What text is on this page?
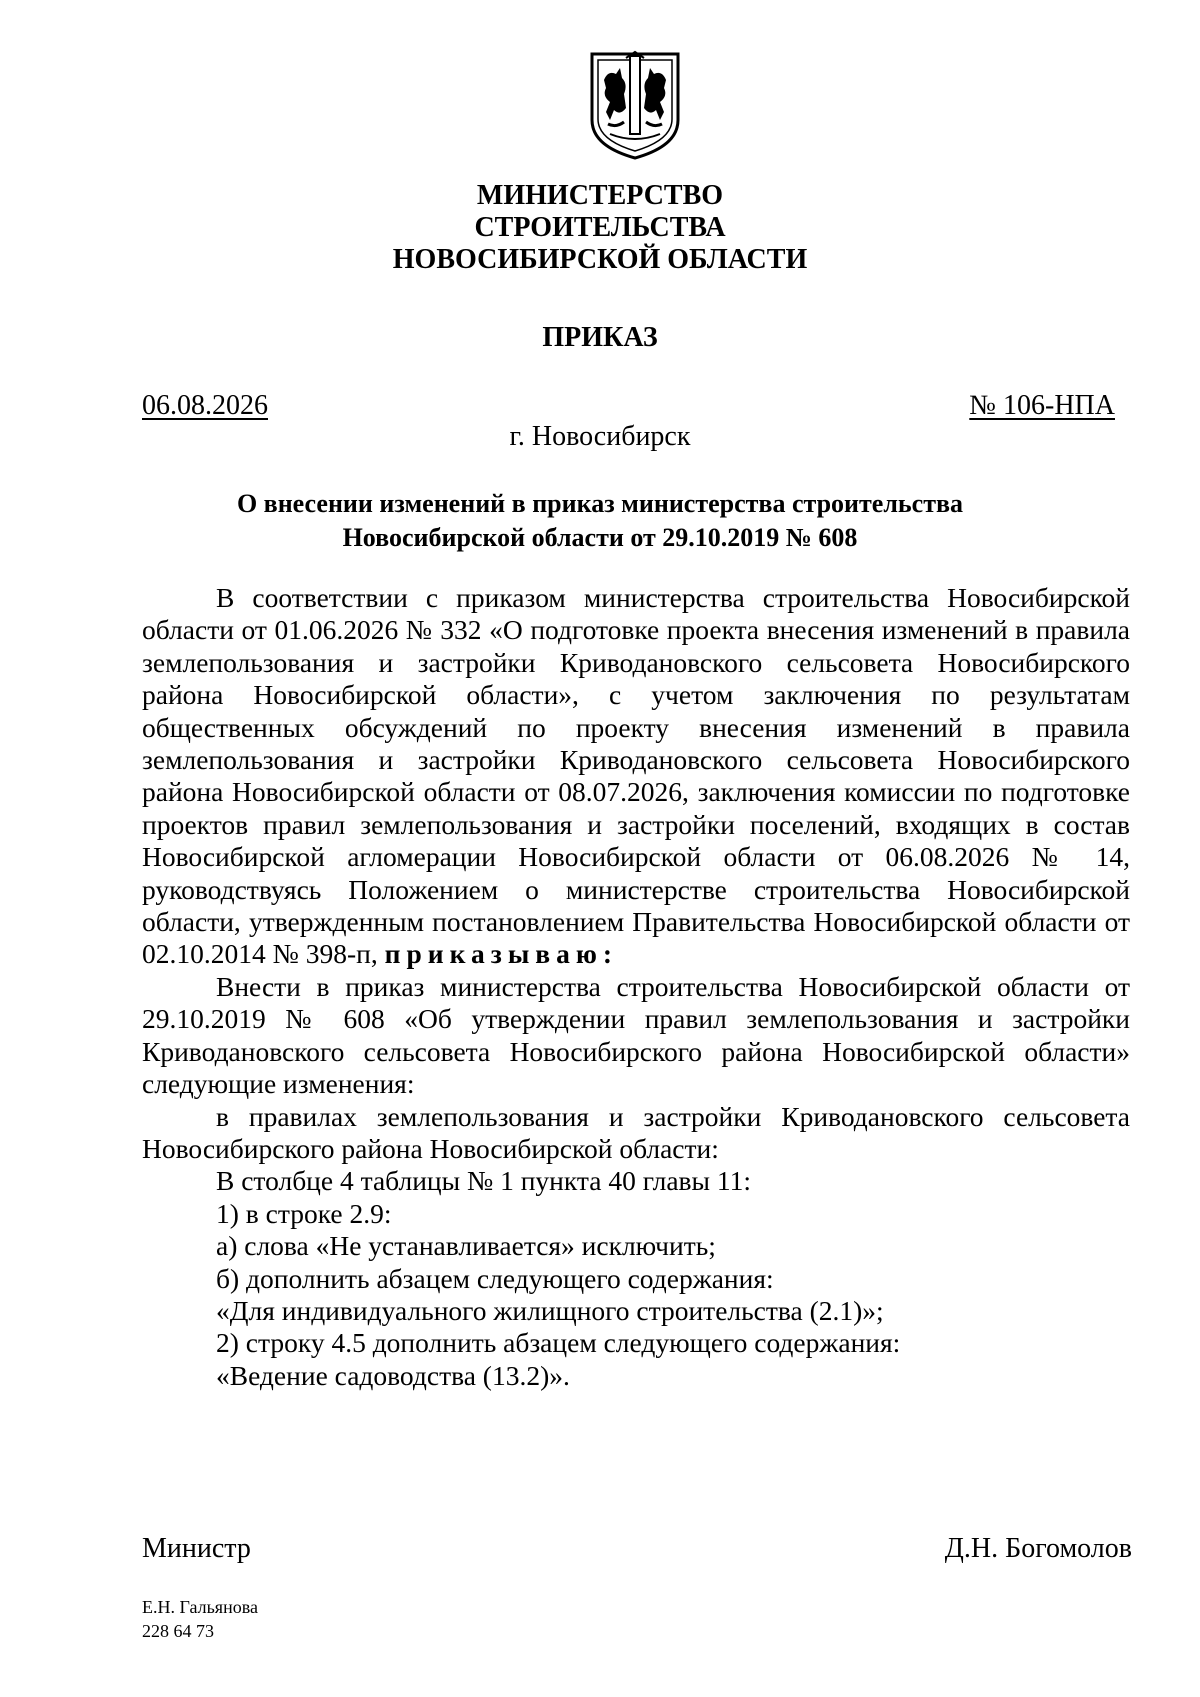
МИНИСТЕРСТВО
СТРОИТЕЛЬСТВА
НОВОСИБИРСКОЙ ОБЛАСТИ
ПРИКАЗ
06.08.2026	№ 106-НПА
г. Новосибирск
О внесении изменений в приказ министерства строительства
Новосибирской области от 29.10.2019 № 608

В соответствии с приказом министерства строительства Новосибирской области от 01.06.2026 № 332 «О подготовке проекта внесения изменений в правила землепользования и застройки Криводановского сельсовета Новосибирского района Новосибирской области», с учетом заключения по результатам общественных обсуждений по проекту внесения изменений в правила землепользования и застройки Криводановского сельсовета Новосибирского района Новосибирской области от 08.07.2026, заключения комиссии по подготовке проектов правил землепользования и застройки поселений, входящих в состав Новосибирской агломерации Новосибирской области от 06.08.2026 № 14, руководствуясь Положением о министерстве строительства Новосибирской области, утвержденным постановлением Правительства Новосибирской области от 02.10.2014 № 398-п, приказываю:

Внести в приказ министерства строительства Новосибирской области от 29.10.2019 № 608 «Об утверждении правил землепользования и застройки Криводановского сельсовета Новосибирского района Новосибирской области» следующие изменения:

в правилах землепользования и застройки Криводановского сельсовета Новосибирского района Новосибирской области:

В столбце 4 таблицы № 1 пункта 40 главы 11:

1) в строке 2.9:

а) слова «Не устанавливается» исключить;

б) дополнить абзацем следующего содержания:

«Для индивидуального жилищного строительства (2.1)»;

2) строку 4.5 дополнить абзацем следующего содержания:

«Ведение садоводства (13.2)».

Министр	Д.Н. Богомолов
Е.Н. Гальянова
228 64 73
